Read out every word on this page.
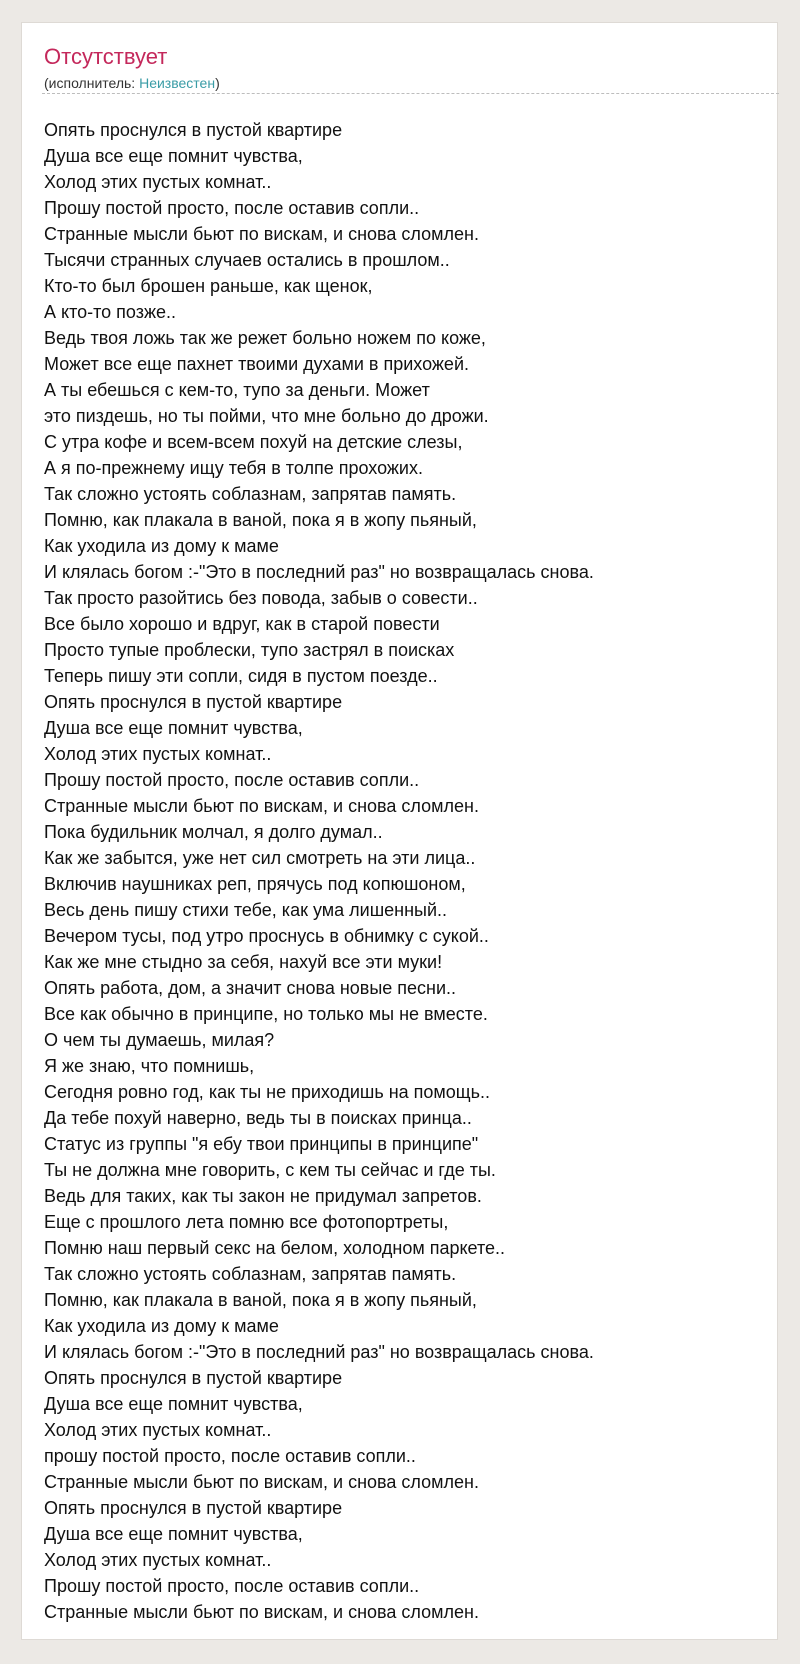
Отсутствует
(исполнитель: Неизвестен)
Опять проснулся в пустой квартире
Душа все еще помнит чувства,
Холод этих пустых комнат..
Прошу постой просто, после оставив сопли..
Странные мысли бьют по вискам, и снова сломлен.
Тысячи странных случаев остались в прошлом..
Кто-то был брошен раньше, как щенок,
А кто-то позже..
Ведь твоя ложь так же режет больно ножем по коже,
Может все еще пахнет твоими духами в прихожей.
А ты ебешься с кем-то, тупо за деньги. Может
это пиздешь, но ты пойми, что мне больно до дрожи.
С утра кофе и всем-всем похуй на детские слезы,
А я по-прежнему ищу тебя в толпе прохожих.
Так сложно устоять соблазнам, запрятав память.
Помню, как плакала в ваной, пока я в жопу пьяный,
Как уходила из дому к маме
И клялась богом :-"Это в последний раз" но возвращалась снова.
Так просто разойтись без повода, забыв о совести..
Все было хорошо и вдруг, как в старой повести
Просто тупые проблески, тупо застрял в поисках
Теперь пишу эти сопли, сидя в пустом поезде..
Опять проснулся в пустой квартире
Душа все еще помнит чувства,
Холод этих пустых комнат..
Прошу постой просто, после оставив сопли..
Странные мысли бьют по вискам, и снова сломлен.
Пока будильник молчал, я долго думал..
Как же забытся, уже нет сил смотреть на эти лица..
Включив наушниках реп, прячусь под копюшоном,
Весь день пишу стихи тебе, как ума лишенный..
Вечером тусы, под утро проснусь в обнимку с сукой..
Как же мне стыдно за себя, нахуй все эти муки!
Опять работа, дом, а значит снова новые песни..
Все как обычно в принципе, но только мы не вместе.
О чем ты думаешь, милая?
Я же знаю, что помнишь,
Сегодня ровно год, как ты не приходишь на помощь..
Да тебе похуй наверно, ведь ты в поисках принца..
Статус из группы "я ебу твои принципы в принципе"
Ты не должна мне говорить, с кем ты сейчас и где ты.
Ведь для таких, как ты закон не придумал запретов.
Еще с прошлого лета помню все фотопортреты,
Помню наш первый секс на белом, холодном паркете..
Так сложно устоять соблазнам, запрятав память.
Помню, как плакала в ваной, пока я в жопу пьяный,
Как уходила из дому к маме
И клялась богом :-"Это в последний раз" но возвращалась снова.
Опять проснулся в пустой квартире
Душа все еще помнит чувства,
Холод этих пустых комнат..
прошу постой просто, после оставив сопли..
Странные мысли бьют по вискам, и снова сломлен.
Опять проснулся в пустой квартире
Душа все еще помнит чувства,
Холод этих пустых комнат..
Прошу постой просто, после оставив сопли..
Странные мысли бьют по вискам, и снова сломлен.
